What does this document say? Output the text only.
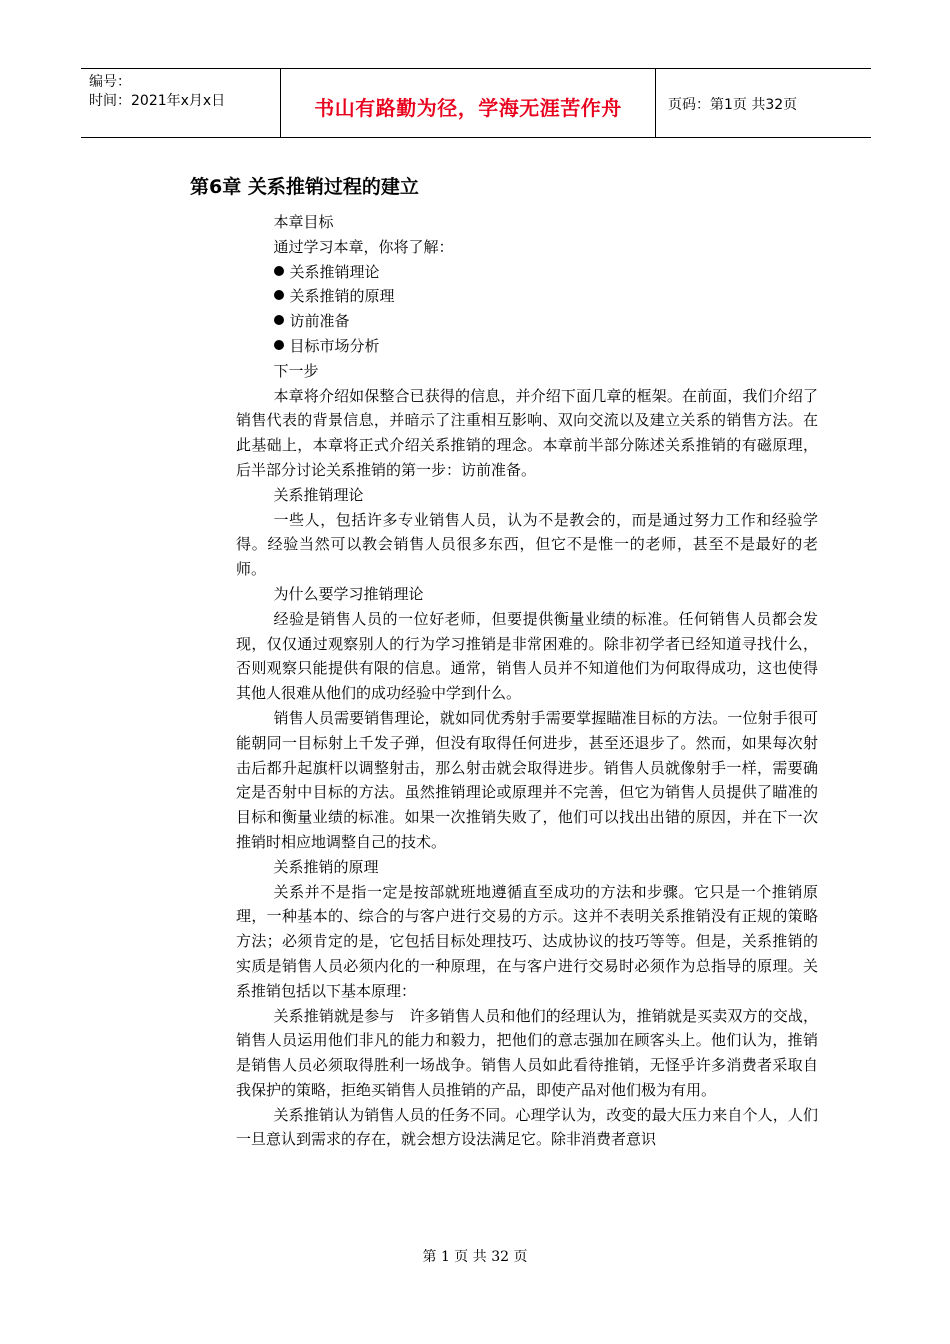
编号：
时间：2021年x月x日	书山有路勤为径，学海无涯苦作舟	页码：第1页 共32页
第6章 关系推销过程的建立
本章目标
通过学习本章，你将了解：
关系推销理论
关系推销的原理
访前准备
目标市场分析
下一步

本章将介绍如保整合已获得的信息，并介绍下面几章的框架。在前面，我们介绍了销售代表的背景信息，并暗示了注重相互影响、双向交流以及建立关系的销售方法。在此基础上，本章将正式介绍关系推销的理念。本章前半部分陈述关系推销的有磁原理，后半部分讨论关系推销的第一步：访前准备。

关系推销理论

一些人，包括许多专业销售人员，认为不是教会的，而是通过努力工作和经验学得。经验当然可以教会销售人员很多东西，但它不是惟一的老师，甚至不是最好的老师。

为什么要学习推销理论

经验是销售人员的一位好老师，但要提供衡量业绩的标准。任何销售人员都会发现，仅仅通过观察别人的行为学习推销是非常困难的。除非初学者已经知道寻找什么，否则观察只能提供有限的信息。通常，销售人员并不知道他们为何取得成功，这也使得其他人很难从他们的成功经验中学到什么。

销售人员需要销售理论，就如同优秀射手需要掌握瞄准目标的方法。一位射手很可能朝同一目标射上千发子弹，但没有取得任何进步，甚至还退步了。然而，如果每次射击后都升起旗杆以调整射击，那么射击就会取得进步。销售人员就像射手一样，需要确定是否射中目标的方法。虽然推销理论或原理并不完善，但它为销售人员提供了瞄准的目标和衡量业绩的标准。如果一次推销失败了，他们可以找出出错的原因，并在下一次推销时相应地调整自己的技术。

关系推销的原理

关系并不是指一定是按部就班地遵循直至成功的方法和步骤。它只是一个推销原理，一种基本的、综合的与客户进行交易的方示。这并不表明关系推销没有正规的策略方法；必须肯定的是，它包括目标处理技巧、达成协议的技巧等等。但是，关系推销的实质是销售人员必须内化的一种原理，在与客户进行交易时必须作为总指导的原理。关系推销包括以下基本原理：

关系推销就是参与　许多销售人员和他们的经理认为，推销就是买卖双方的交战，销售人员运用他们非凡的能力和毅力，把他们的意志强加在顾客头上。他们认为，推销是销售人员必须取得胜利一场战争。销售人员如此看待推销，无怪乎许多消费者采取自我保护的策略，拒绝买销售人员推销的产品，即使产品对他们极为有用。

关系推销认为销售人员的任务不同。心理学认为，改变的最大压力来自个人，人们一旦意认到需求的存在，就会想方设法满足它。除非消费者意识

第 1 页 共 32 页
